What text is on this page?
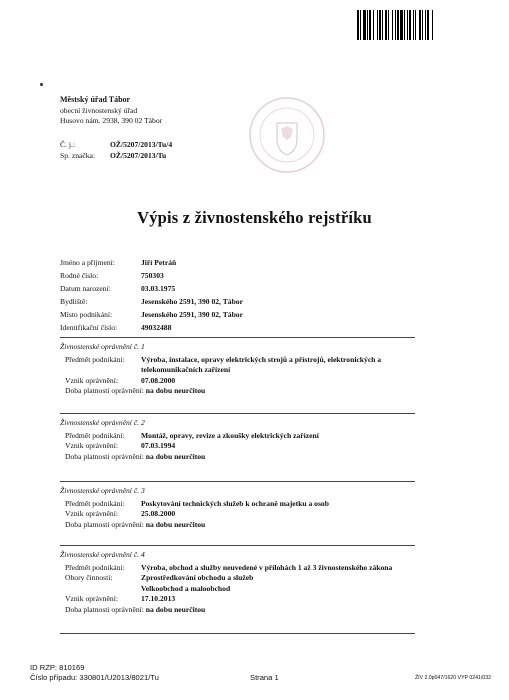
Městský úřad Tábor
obecní živnostenský úřad
Husovo nám. 2938, 390 02 Tábor
Č. j.:	OŽ/5207/2013/Tu/4
Sp. značka:	OŽ/5207/2013/Tu
Výpis z živnostenského rejstříku
Jméno a příjmení:	Jiří Petráň
Rodné číslo:	750303
Datum narození:	03.03.1975
Bydliště:	Jesenského 2591, 390 02, Tábor
Místo podnikání:	Jesenského 2591, 390 02, Tábor
Identifikační číslo:	49032488
Živnostenské oprávnění č. 1
Předmět podnikání:	Výroba, instalace, opravy elektrických strojů a přístrojů, elektronických a telekomunikačních zařízení
Vznik oprávnění:	07.08.2000
Doba platnosti oprávnění: na dobu neurčitou
Živnostenské oprávnění č. 2
Předmět podnikání:	Montáž, opravy, revize a zkoušky elektrických zařízení
Vznik oprávnění:	07.03.1994
Doba platnosti oprávnění: na dobu neurčitou
Živnostenské oprávnění č. 3
Předmět podnikání:	Poskytování technických služeb k ochraně majetku a osob
Vznik oprávnění:	25.08.2000
Doba platnosti oprávnění: na dobu neurčitou
Živnostenské oprávnění č. 4
Předmět podnikání:	Výroba, obchod a služby neuvedené v přílohách 1 až 3 živnostenského zákona
Obory činnosti:	Zprostředkování obchodu a služeb
Velkoobchod a maloobchod
Vznik oprávnění:	17.10.2013
Doba platnosti oprávnění: na dobu neurčitou
ID RZP: 810169
Číslo případu: 330801/U2013/8021/Tu	Strana 1	ŽIV 2.0p047/1620 VYP 0241/032
